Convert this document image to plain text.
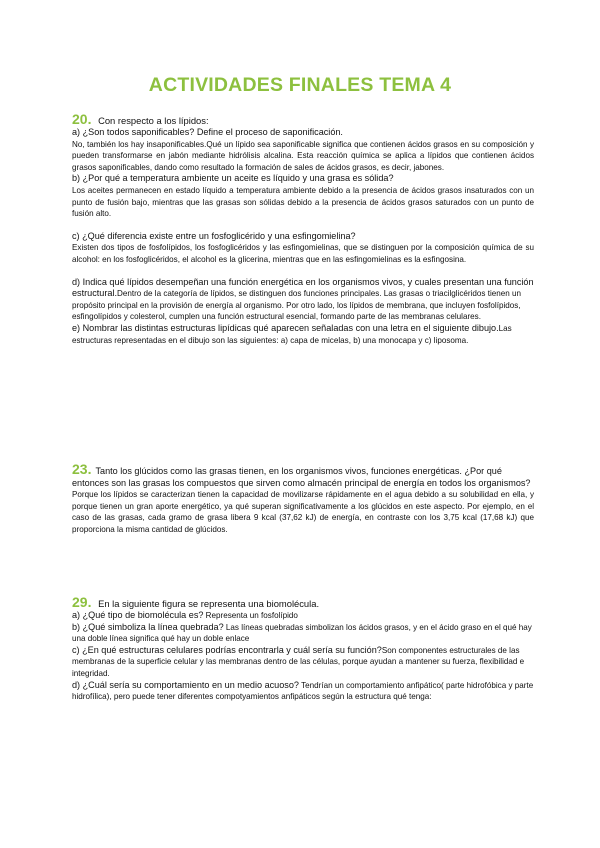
ACTIVIDADES FINALES TEMA 4
20. Con respecto a los lípidos:

a) ¿Son todos saponificables? Define el proceso de saponificación.

No, también los hay insaponificables.Qué un lípido sea saponificable significa que contienen ácidos grasos en su composición y pueden transformarse en jabón mediante hidrólisis alcalina. Esta reacción química se aplica a lípidos que contienen ácidos grasos saponificables, dando como resultado la formación de sales de ácidos grasos, es decir, jabones.

b) ¿Por qué a temperatura ambiente un aceite es líquido y una grasa es sólida?

Los aceites permanecen en estado líquido a temperatura ambiente debido a la presencia de ácidos grasos insaturados con un punto de fusión bajo, mientras que las grasas son sólidas debido a la presencia de ácidos grasos saturados con un punto de fusión alto.

c) ¿Qué diferencia existe entre un fosfoglicérido y una esfingomielina?

Existen dos tipos de fosfolípidos, los fosfoglicéridos y las esfingomielinas, que se distinguen por la composición química de su alcohol: en los fosfoglicéridos, el alcohol es la glicerina, mientras que en las esfingomielinas es la esfingosina.

d) Indica qué lípidos desempeñan una función energética en los organismos vivos, y cuales presentan una función estructural.Dentro de la categoría de lípidos, se distinguen dos funciones principales. Las grasas o triacilglicéridos tienen un propósito principal en la provisión de energía al organismo. Por otro lado, los lípidos de membrana, que incluyen fosfolípidos, esfingolípidos y colesterol, cumplen una función estructural esencial, formando parte de las membranas celulares.

e) Nombrar las distintas estructuras lipídicas qué aparecen señaladas con una letra en el siguiente dibujo.Las estructuras representadas en el dibujo son las siguientes: a) capa de micelas, b) una monocapa y c) liposoma.

23. Tanto los glúcidos como las grasas tienen, en los organismos vivos, funciones energéticas. ¿Por qué entonces son las grasas los compuestos que sirven como almacén principal de energía en todos los organismos?

Porque los lípidos se caracterizan tienen la capacidad de movilizarse rápidamente en el agua debido a su solubilidad en ella, y porque tienen un gran aporte energético, ya qué superan significativamente a los glúcidos en este aspecto. Por ejemplo, en el caso de las grasas, cada gramo de grasa libera 9 kcal (37,62 kJ) de energía, en contraste con los 3,75 kcal (17,68 kJ) que proporciona la misma cantidad de glúcidos.

29. En la siguiente figura se representa una biomolécula.

a) ¿Qué tipo de biomolécula es? Representa un fosfolípido

b) ¿Qué simboliza la línea quebrada? Las líneas quebradas simbolizan los ácidos grasos, y en el ácido graso en el qué hay una doble línea significa qué hay un doble enlace

c) ¿En qué estructuras celulares podrías encontrarla y cuál sería su función?Son componentes estructurales de las membranas de la superficie celular y las membranas dentro de las células, porque ayudan a mantener su fuerza, flexibilidad e integridad.

d) ¿Cuál sería su comportamiento en un medio acuoso? Tendrían un comportamiento anfipático( parte hidrofóbica y parte hidrofílica), pero puede tener diferentes compotyamientos anfipáticos según la estructura qué tenga:
